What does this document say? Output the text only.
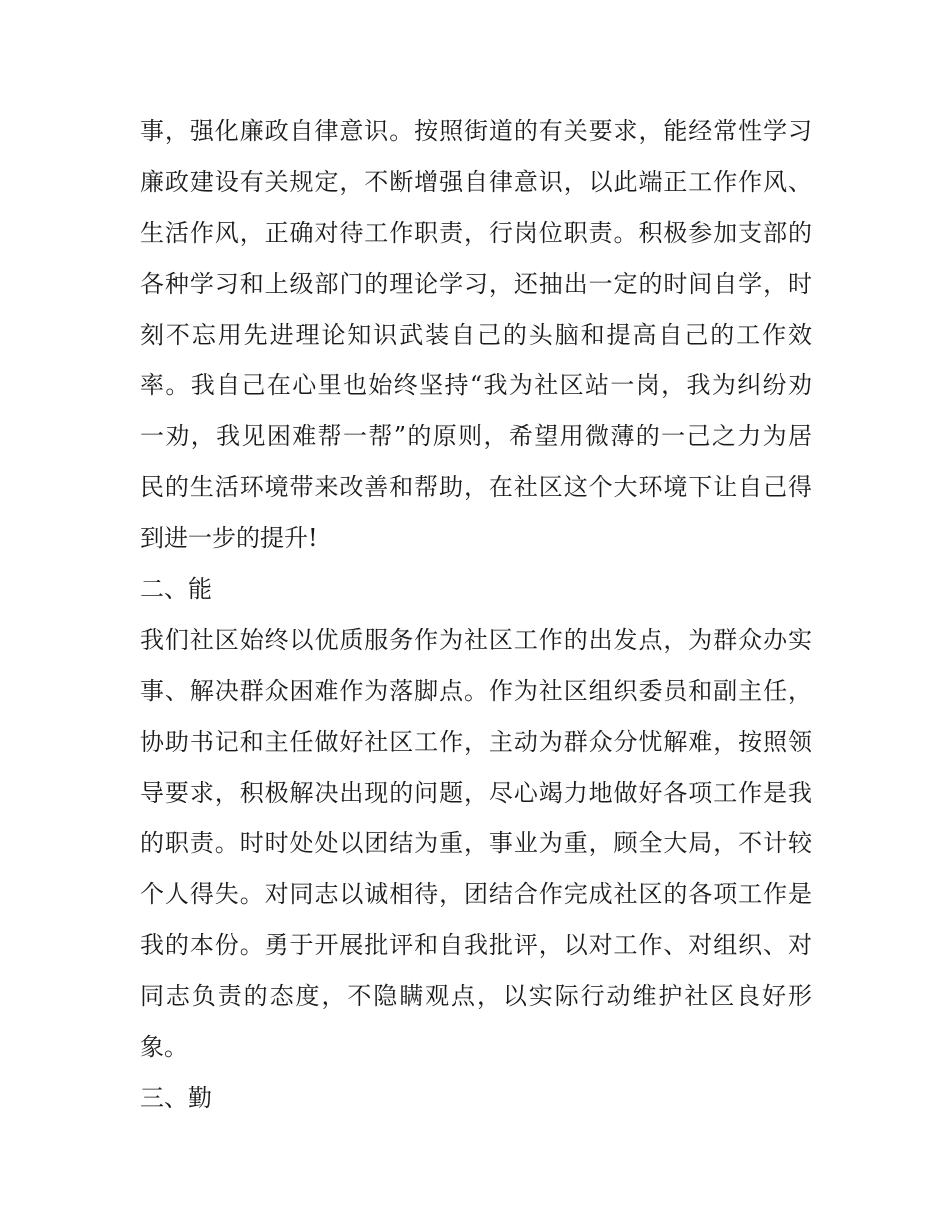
事，强化廉政自律意识。按照街道的有关要求，能经常性学习
廉政建设有关规定，不断增强自律意识，以此端正工作作风、
生活作风，正确对待工作职责，行岗位职责。积极参加支部的
各种学习和上级部门的理论学习，还抽出一定的时间自学，时
刻不忘用先进理论知识武装自己的头脑和提高自己的工作效
率。我自己在心里也始终坚持“我为社区站一岗，我为纠纷劝
一劝，我见困难帮一帮”的原则，希望用微薄的一己之力为居
民的生活环境带来改善和帮助，在社区这个大环境下让自己得
到进一步的提升!
二、能
我们社区始终以优质服务作为社区工作的出发点，为群众办实
事、解决群众困难作为落脚点。作为社区组织委员和副主任，
协助书记和主任做好社区工作，主动为群众分忧解难，按照领
导要求，积极解决出现的问题，尽心竭力地做好各项工作是我
的职责。时时处处以团结为重，事业为重，顾全大局，不计较
个人得失。对同志以诚相待，团结合作完成社区的各项工作是
我的本份。勇于开展批评和自我批评，以对工作、对组织、对
同志负责的态度，不隐瞒观点，以实际行动维护社区良好形
象。
三、勤
